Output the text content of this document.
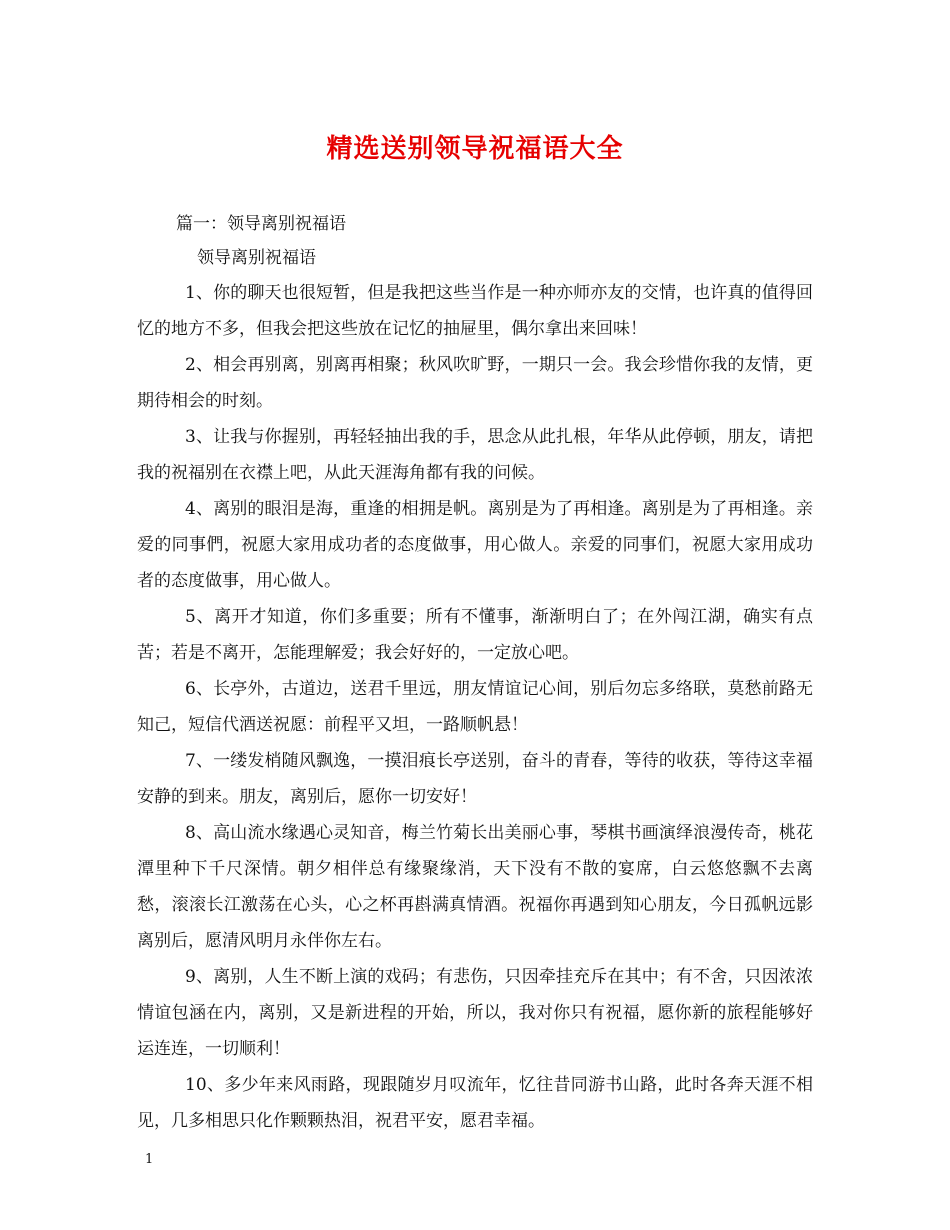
精选送别领导祝福语大全
篇一：领导离别祝福语
领导离别祝福语

1、你的聊天也很短暂，但是我把这些当作是一种亦师亦友的交情，也许真的值得回忆的地方不多，但我会把这些放在记忆的抽屉里，偶尔拿出来回味！

2、相会再别离，别离再相聚；秋风吹旷野，一期只一会。我会珍惜你我的友情，更期待相会的时刻。

3、让我与你握别，再轻轻抽出我的手，思念从此扎根，年华从此停顿，朋友，请把我的祝福别在衣襟上吧，从此天涯海角都有我的问候。

4、离别的眼泪是海，重逢的相拥是帆。离别是为了再相逢。离别是为了再相逢。亲爱的同事們，祝愿大家用成功者的态度做事，用心做人。亲爱的同事们，祝愿大家用成功者的态度做事，用心做人。

5、离开才知道，你们多重要；所有不懂事，渐渐明白了；在外闯江湖，确实有点苦；若是不离开，怎能理解爱；我会好好的，一定放心吧。

6、长亭外，古道边，送君千里远，朋友情谊记心间，别后勿忘多络联，莫愁前路无知己，短信代酒送祝愿：前程平又坦，一路顺帆悬！

7、一缕发梢随风飘逸，一摸泪痕长亭送别，奋斗的青春，等待的收获，等待这幸福安静的到来。朋友，离别后，愿你一切安好！

8、高山流水缘遇心灵知音，梅兰竹菊长出美丽心事，琴棋书画演绎浪漫传奇，桃花潭里种下千尺深情。朝夕相伴总有缘聚缘消，天下没有不散的宴席，白云悠悠飘不去离愁，滚滚长江激荡在心头，心之杯再斟满真情酒。祝福你再遇到知心朋友，今日孤帆远影离别后，愿清风明月永伴你左右。

9、离别，人生不断上演的戏码；有悲伤，只因牵挂充斥在其中；有不舍，只因浓浓情谊包涵在内，离别，又是新进程的开始，所以，我对你只有祝福，愿你新的旅程能够好运连连，一切顺利！

10、多少年来风雨路，现跟随岁月叹流年，忆往昔同游书山路，此时各奔天涯不相见，几多相思只化作颗颗热泪，祝君平安，愿君幸福。

1
